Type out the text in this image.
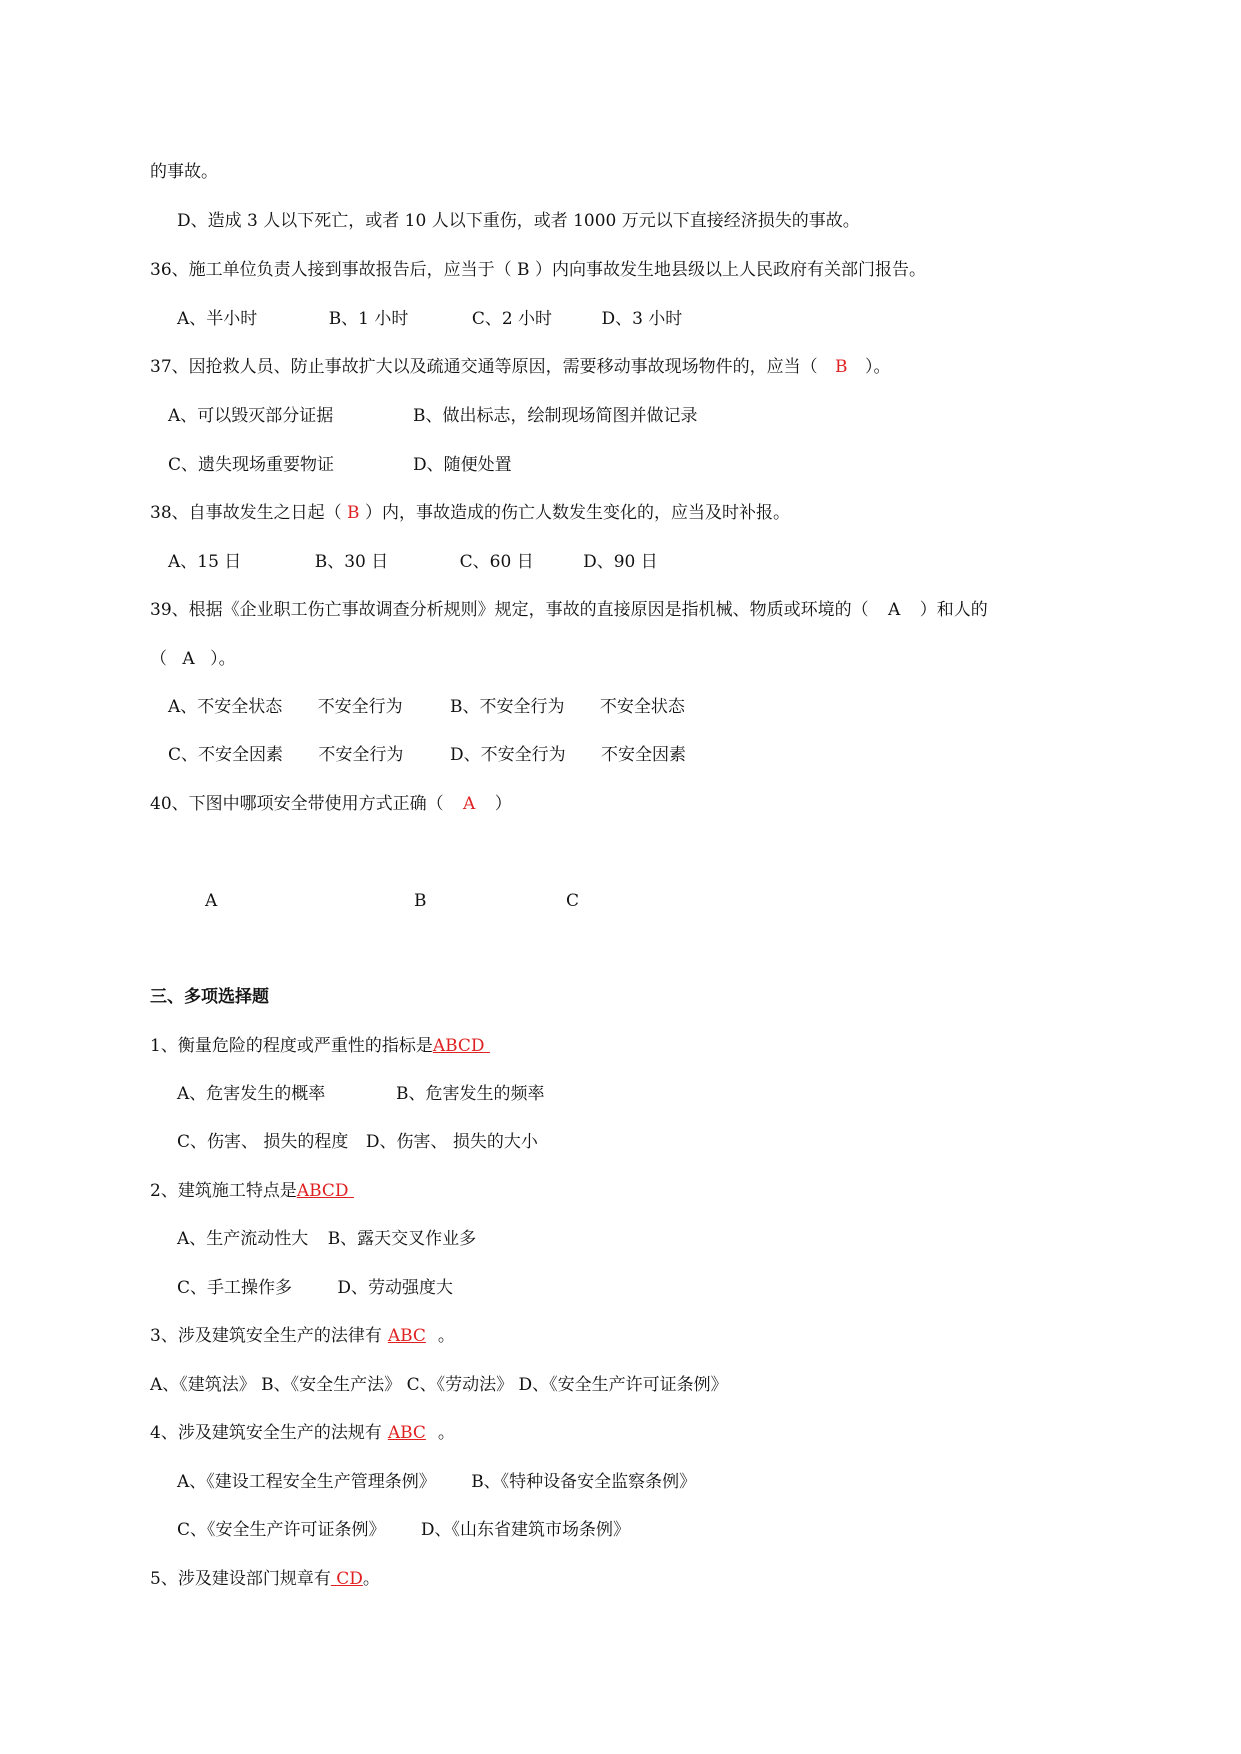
的事故。
D、造成 3 人以下死亡，或者 10 人以下重伤，或者 1000 万元以下直接经济损失的事故。
36、施工单位负责人接到事故报告后，应当于（ B ）内向事故发生地县级以上人民政府有关部门报告。
A、半小时	B、1 小时	C、2 小时	D、3 小时
37、因抢救人员、防止事故扩大以及疏通交通等原因，需要移动事故现场物件的，应当（ B ）。
A、可以毁灭部分证据	B、做出标志，绘制现场简图并做记录
C、遗失现场重要物证	D、随便处置
38、自事故发生之日起（ B ）内，事故造成的伤亡人数发生变化的，应当及时补报。
A、15 日	B、30 日	C、60 日	D、90 日
39、根据《企业职工伤亡事故调查分析规则》规定，事故的直接原因是指机械、物质或环境的（ A ）和人的
（ A ）。
A、不安全状态 不安全行为	B、不安全行为 不安全状态
C、不安全因素 不安全行为	D、不安全行为 不安全因素
40、下图中哪项安全带使用方式正确（ A ）
A	B	C
三、多项选择题
1、衡量危险的程度或严重性的指标是ABCD
A、危害发生的概率	B、危害发生的频率
C、伤害、 损失的程度 D、伤害、 损失的大小
2、建筑施工特点是ABCD
A、生产流动性大 B、露天交叉作业多
C、手工操作多	D、劳动强度大
3、涉及建筑安全生产的法律有 ABC 。
A、《建筑法》 B、《安全生产法》 C、《劳动法》 D、《安全生产许可证条例》
4、涉及建筑安全生产的法规有 ABC 。
A、《建设工程安全生产管理条例》 B、《特种设备安全监察条例》
C、《安全生产许可证条例》 D、《山东省建筑市场条例》
5、涉及建设部门规章有 CD。
